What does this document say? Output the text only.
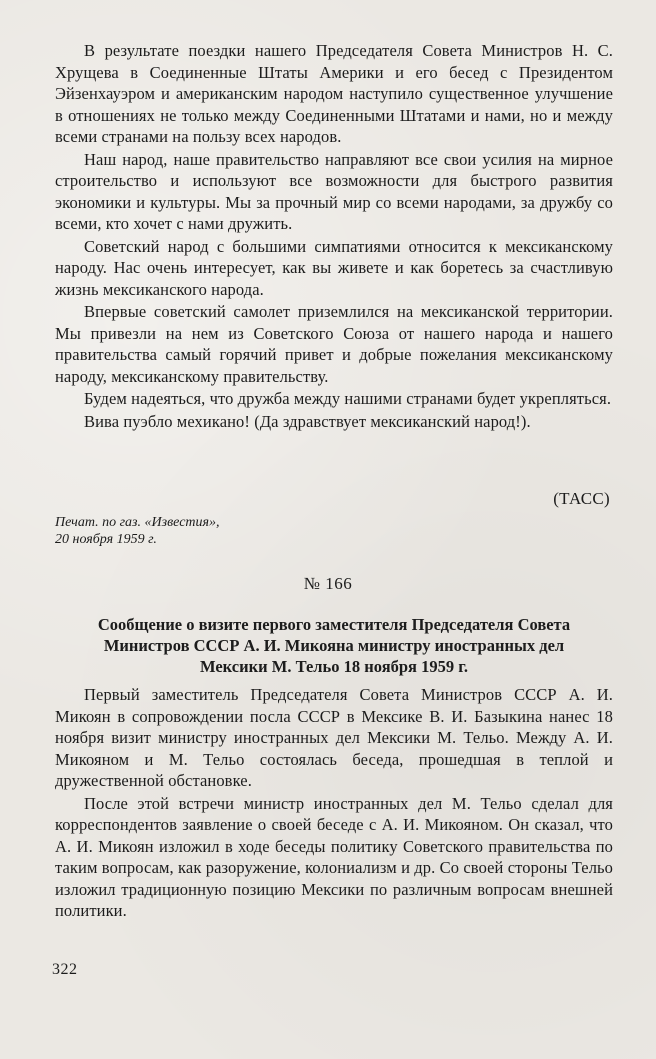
В результате поездки нашего Председателя Совета Министров Н. С. Хрущева в Соединенные Штаты Америки и его бесед с Президентом Эйзенхауэром и американским народом наступило существенное улучшение в отношениях не только между Соединенными Штатами и нами, но и между всеми странами на пользу всех народов.

Наш народ, наше правительство направляют все свои усилия на мирное строительство и используют все возможности для быстрого развития экономики и культуры. Мы за прочный мир со всеми народами, за дружбу со всеми, кто хочет с нами дружить.

Советский народ с большими симпатиями относится к мексиканскому народу. Нас очень интересует, как вы живете и как боретесь за счастливую жизнь мексиканского народа.

Впервые советский самолет приземлился на мексиканской территории. Мы привезли на нем из Советского Союза от нашего народа и нашего правительства самый горячий привет и добрые пожелания мексиканскому народу, мексиканскому правительству.

Будем надеяться, что дружба между нашими странами будет укрепляться.

Вива пуэбло мехикано! (Да здравствует мексиканский народ!).

(ТАСС)
Печат. по газ. «Известия»,
20 ноября 1959 г.
№ 166
Сообщение о визите первого заместителя Председателя Совета Министров СССР А. И. Микояна министру иностранных дел Мексики М. Тельо 18 ноября 1959 г.

Первый заместитель Председателя Совета Министров СССР А. И. Микоян в сопровождении посла СССР в Мексике В. И. Базыкина нанес 18 ноября визит министру иностранных дел Мексики М. Тельо. Между А. И. Микояном и М. Тельо состоялась беседа, прошедшая в теплой и дружественной обстановке.

После этой встречи министр иностранных дел М. Тельо сделал для корреспондентов заявление о своей беседе с А. И. Микояном. Он сказал, что А. И. Микоян изложил в ходе беседы политику Советского правительства по таким вопросам, как разоружение, колониализм и др. Со своей стороны Тельо изложил традиционную позицию Мексики по различным вопросам внешней политики.

322
